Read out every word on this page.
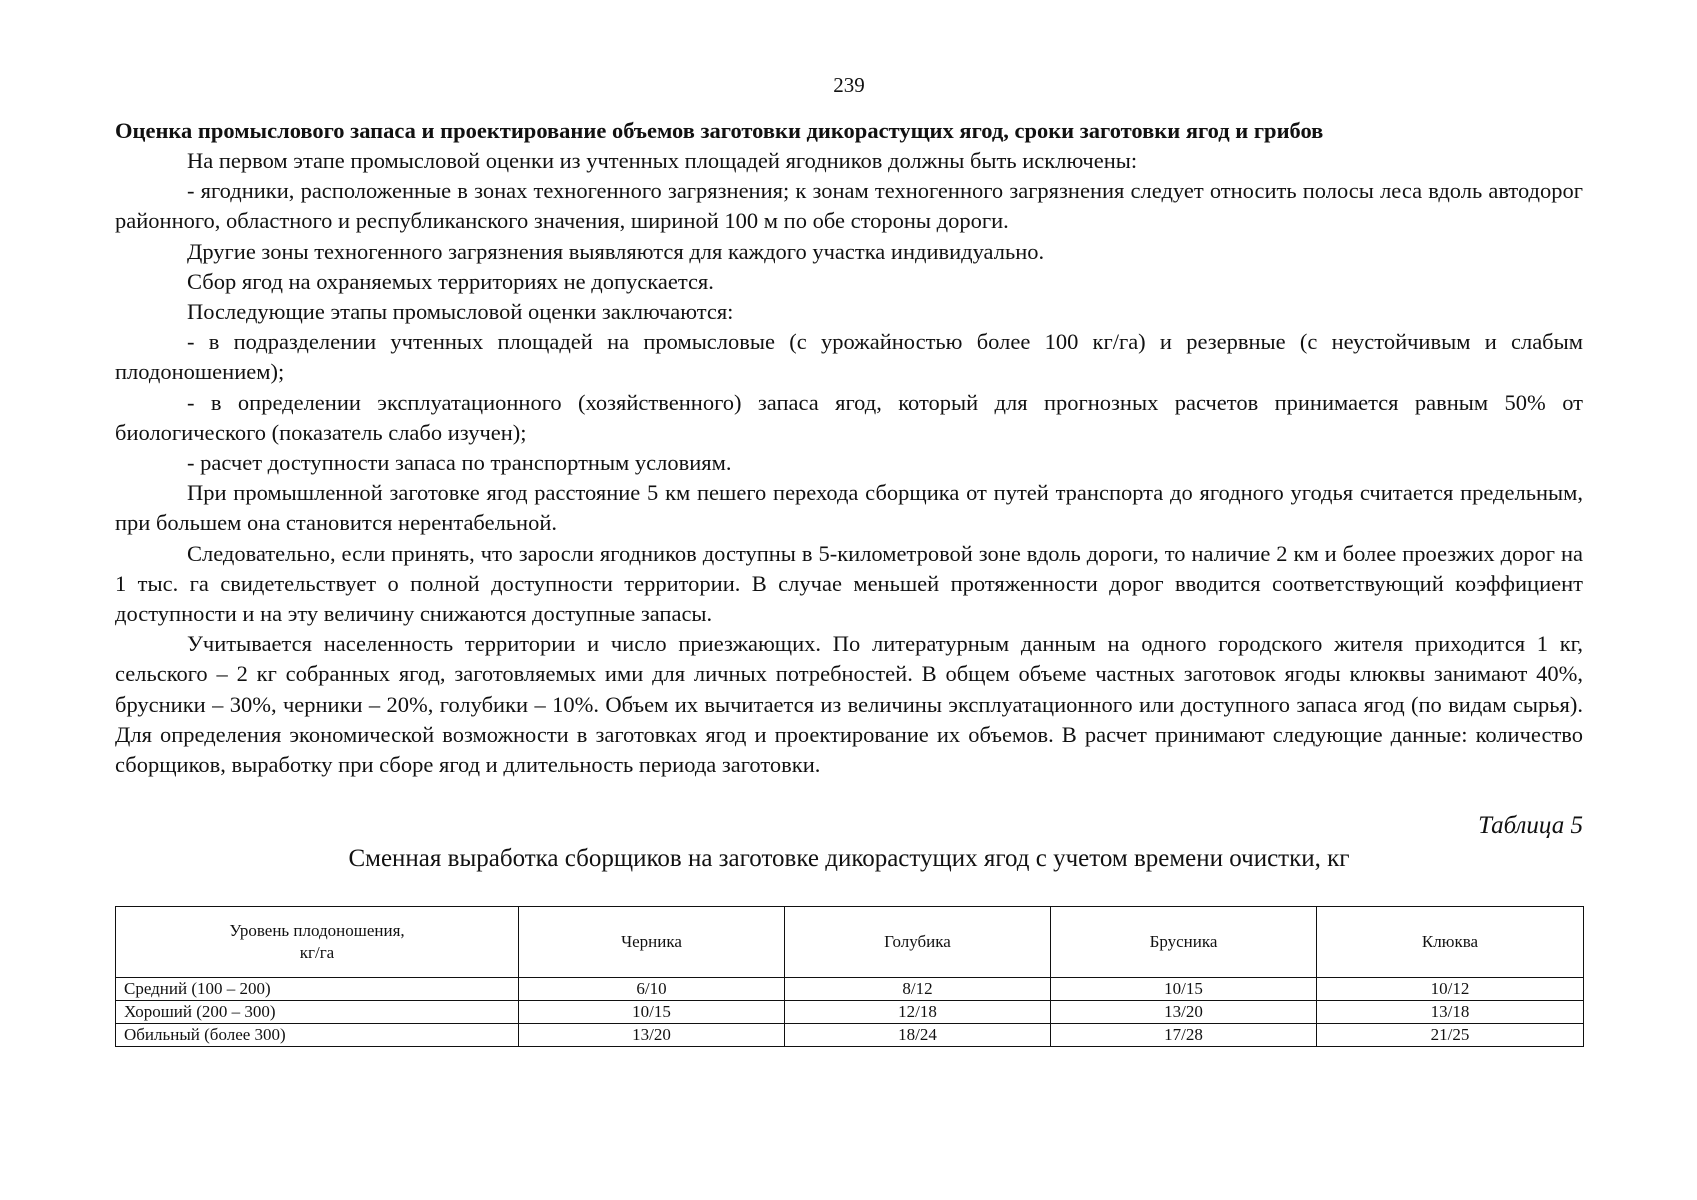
239
Оценка промыслового запаса и проектирование объемов заготовки дикорастущих ягод, сроки заготовки ягод и грибов

На первом этапе промысловой оценки из учтенных площадей ягодников должны быть исключены:

- ягодники, расположенные в зонах техногенного загрязнения; к зонам техногенного загрязнения следует относить полосы леса вдоль автодорог районного, областного и республиканского значения, шириной 100 м по обе стороны дороги.

Другие зоны техногенного загрязнения выявляются для каждого участка индивидуально.

Сбор ягод на охраняемых территориях не допускается.

Последующие этапы промысловой оценки заключаются:

- в подразделении учтенных площадей на промысловые (с урожайностью более 100 кг/га) и резервные (с неустойчивым и слабым плодоношением);

- в определении эксплуатационного (хозяйственного) запаса ягод, который для прогнозных расчетов принимается равным 50% от биологического (показатель слабо изучен);

- расчет доступности запаса по транспортным условиям.

При промышленной заготовке ягод расстояние 5 км пешего перехода сборщика от путей транспорта до ягодного угодья считается предельным, при большем она становится нерентабельной.

Следовательно, если принять, что заросли ягодников доступны в 5-километровой зоне вдоль дороги, то наличие 2 км и более проезжих дорог на 1 тыс. га свидетельствует о полной доступности территории. В случае меньшей протяженности дорог вводится соответствующий коэффициент доступности и на эту величину снижаются доступные запасы.

Учитывается населенность территории и число приезжающих. По литературным данным на одного городского жителя приходится 1 кг, сельского – 2 кг собранных ягод, заготовляемых ими для личных потребностей. В общем объеме частных заготовок ягоды клюквы занимают 40%, брусники – 30%, черники – 20%, голубики – 10%. Объем их вычитается из величины эксплуатационного или доступного запаса ягод (по видам сырья). Для определения экономической возможности в заготовках ягод и проектирование их объемов. В расчет принимают следующие данные: количество сборщиков, выработку при сборе ягод и длительность периода заготовки.

Таблица 5
Сменная выработка сборщиков на заготовке дикорастущих ягод с учетом времени очистки, кг
Уровень плодоношения,
кг/га	Черника	Голубика	Брусника	Клюква
Средний (100 – 200)	6/10	8/12	10/15	10/12
Хороший (200 – 300)	10/15	12/18	13/20	13/18
Обильный (более 300)	13/20	18/24	17/28	21/25
